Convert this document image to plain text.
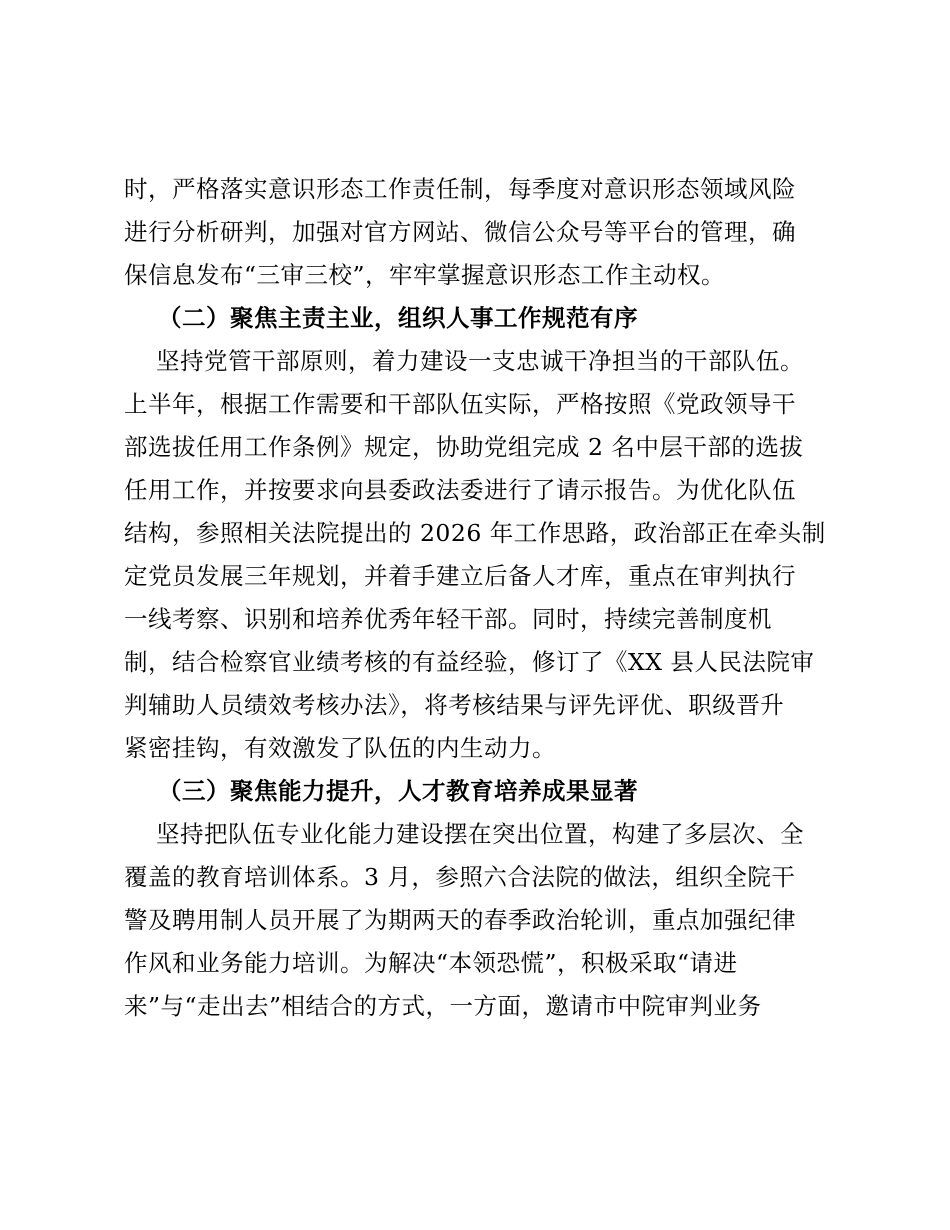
时，严格落实意识形态工作责任制，每季度对意识形态领域风险
进行分析研判，加强对官方网站、微信公众号等平台的管理，确
保信息发布“三审三校”，牢牢掌握意识形态工作主动权。
（二）聚焦主责主业，组织人事工作规范有序
坚持党管干部原则，着力建设一支忠诚干净担当的干部队伍。
上半年，根据工作需要和干部队伍实际，严格按照《党政领导干
部选拔任用工作条例》规定，协助党组完成 2 名中层干部的选拔
任用工作，并按要求向县委政法委进行了请示报告。为优化队伍
结构，参照相关法院提出的 2026 年工作思路，政治部正在牵头制
定党员发展三年规划，并着手建立后备人才库，重点在审判执行
一线考察、识别和培养优秀年轻干部。同时，持续完善制度机
制，结合检察官业绩考核的有益经验，修订了《XX 县人民法院审
判辅助人员绩效考核办法》，将考核结果与评先评优、职级晋升
紧密挂钩，有效激发了队伍的内生动力。
（三）聚焦能力提升，人才教育培养成果显著
坚持把队伍专业化能力建设摆在突出位置，构建了多层次、全
覆盖的教育培训体系。3 月，参照六合法院的做法，组织全院干
警及聘用制人员开展了为期两天的春季政治轮训，重点加强纪律
作风和业务能力培训。为解决“本领恐慌”，积极采取“请进
来”与“走出去”相结合的方式，一方面，邀请市中院审判业务
